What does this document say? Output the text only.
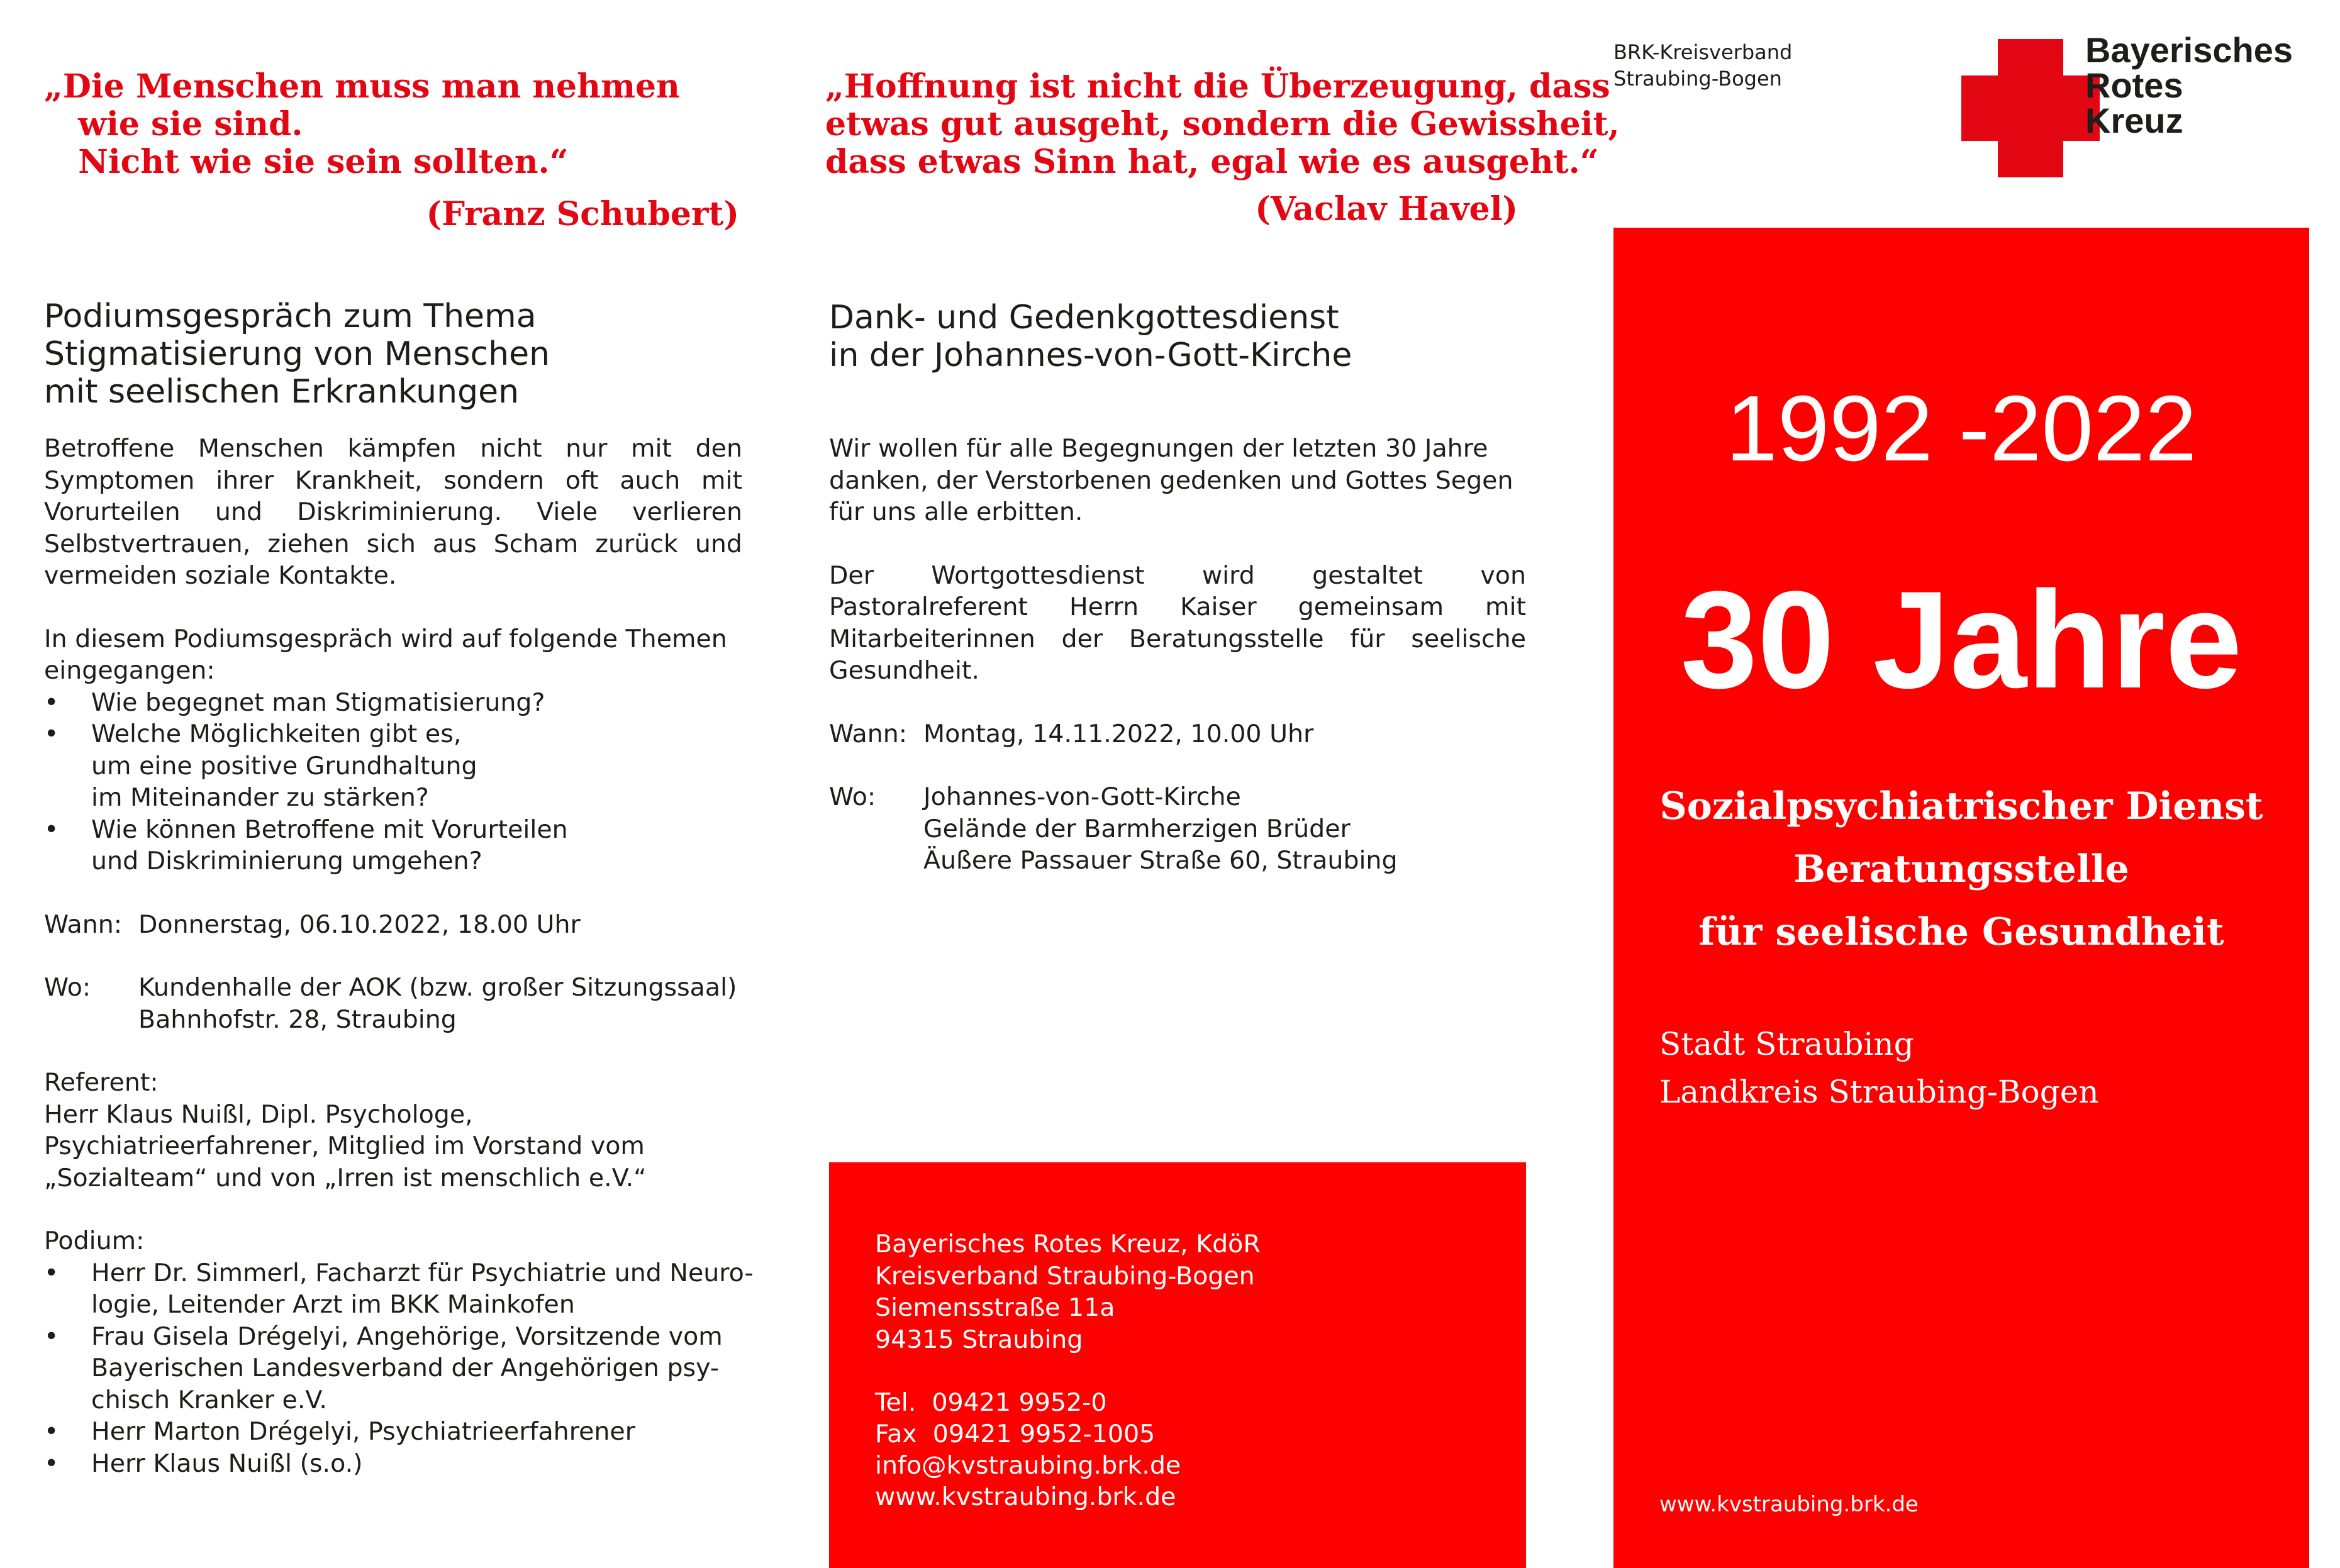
„Die Menschen muss man nehmen
wie sie sind.
Nicht wie sie sein sollten.“
(Franz Schubert)
Podiumsgespräch zum Thema
Stigmatisierung von Menschen
mit seelischen Erkrankungen

Betroffene Menschen kämpfen nicht nur mit den Symptomen ihrer Krankheit, sondern oft auch mit Vorurteilen und Diskriminierung. Viele verlieren Selbstvertrauen, ziehen sich aus Scham zurück und vermeiden soziale Kontakte.

In diesem Podiumsgespräch wird auf folgende Themen eingegangen:
• Wie begegnet man Stigmatisierung?
• Welche Möglichkeiten gibt es,
um eine positive Grundhaltung
im Miteinander zu stärken?
• Wie können Betroffene mit Vorurteilen
und Diskriminierung umgehen?
Wann: Donnerstag, 06.10.2022, 18.00 Uhr
Wo:	Kundenhalle der AOK (bzw. großer Sitzungssaal)
Bahnhofstr. 28, Straubing
Referent:

Herr Klaus Nuißl, Dipl. Psychologe, Psychiatrieerfahrener, Mitglied im Vorstand vom „Sozialteam“ und von „Irren ist menschlich e.V.“

Podium:
• Herr Dr. Simmerl, Facharzt für Psychiatrie und Neuro-
logie, Leitender Arzt im BKK Mainkofen
• Frau Gisela Drégelyi, Angehörige, Vorsitzende vom
Bayerischen Landesverband der Angehörigen psy-
chisch Kranker e.V.
• Herr Marton Drégelyi, Psychiatrieerfahrener
• Herr Klaus Nuißl (s.o.)
„Hoffnung ist nicht die Überzeugung, dass
etwas gut ausgeht, sondern die Gewissheit,
dass etwas Sinn hat, egal wie es ausgeht.“
(Vaclav Havel)
Dank- und Gedenkgottesdienst
in der Johannes-von-Gott-Kirche

Wir wollen für alle Begegnungen der letzten 30 Jahre
danken, der Verstorbenen gedenken und Gottes Segen
für uns alle erbitten.

Der Wortgottesdienst wird gestaltet von Pastoralreferent Herrn Kaiser gemeinsam mit Mitarbeiterinnen der Beratungsstelle für seelische Gesundheit.

Wann: Montag, 14.11.2022, 10.00 Uhr
Wo:	Johannes-von-Gott-Kirche
Gelände der Barmherzigen Brüder
Äußere Passauer Straße 60, Straubing
Bayerisches Rotes Kreuz, KdöR
Kreisverband Straubing-Bogen
Siemensstraße 11a
94315 Straubing
Tel.  09421 9952-0
Fax  09421 9952-1005
info@kvstraubing.brk.de
www.kvstraubing.brk.de
BRK-Kreisverband
Straubing-Bogen
Bayerisches
Rotes
Kreuz
1992 -2022
30 Jahre
Sozialpsychiatrischer Dienst
Beratungsstelle
für seelische Gesundheit
Stadt Straubing
Landkreis Straubing-Bogen
www.kvstraubing.brk.de
